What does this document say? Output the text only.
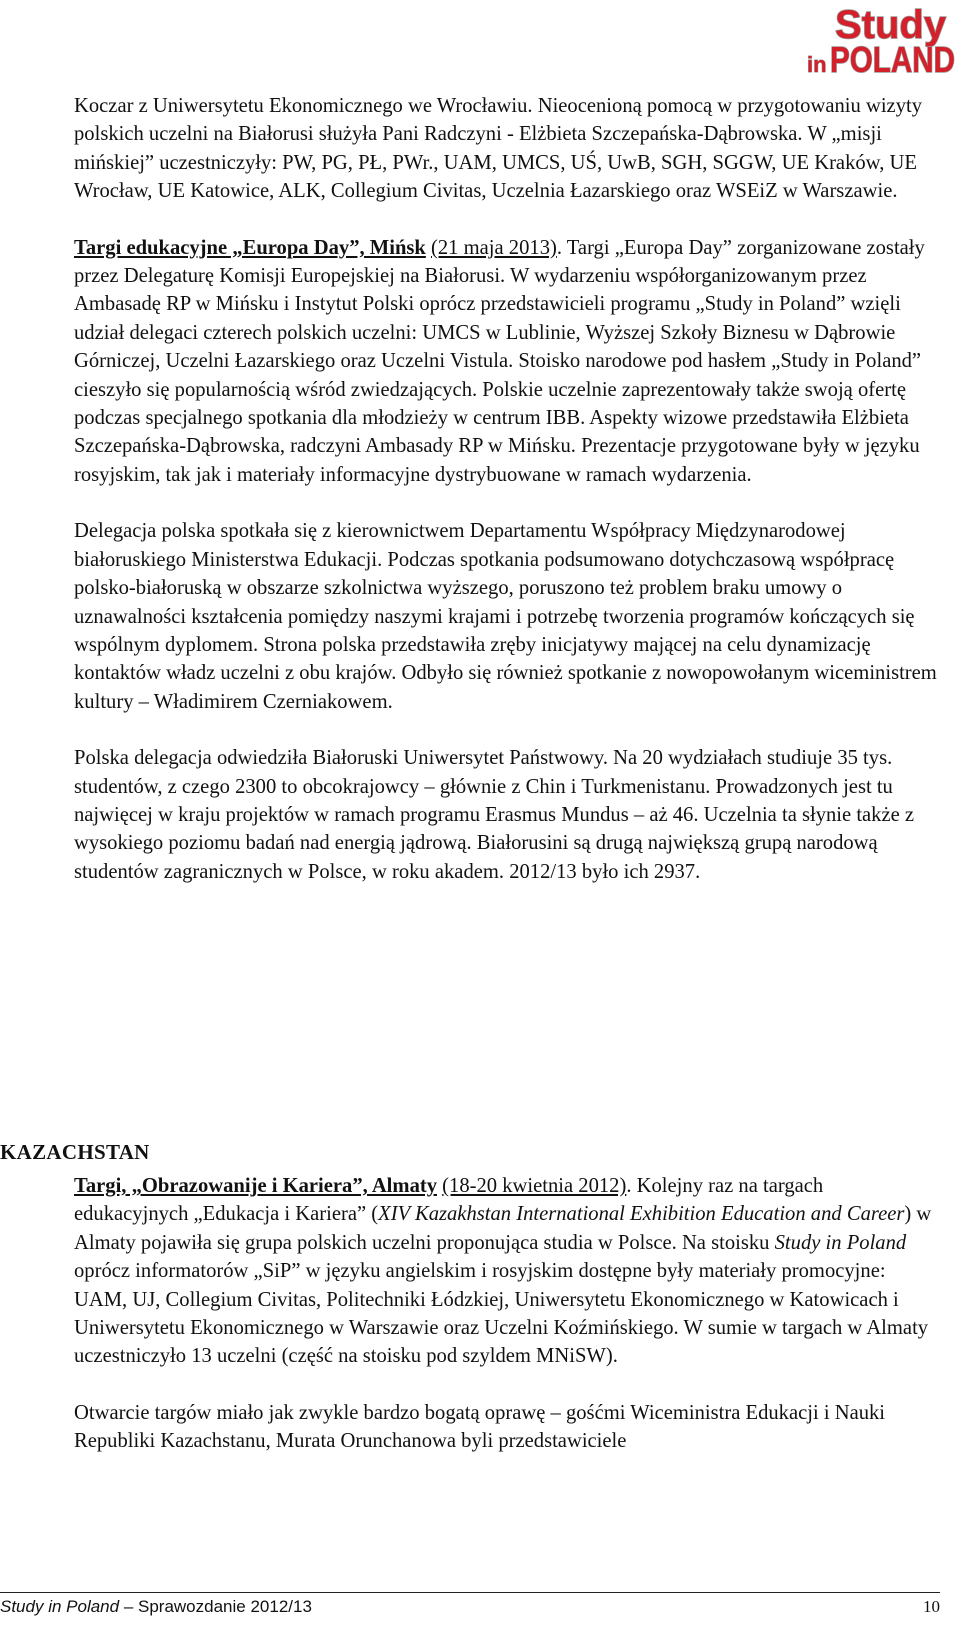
Study
in POLAND

Koczar z Uniwersytetu Ekonomicznego we Wrocławiu. Nieocenioną pomocą w przygotowaniu wizyty polskich uczelni na Białorusi służyła Pani Radczyni - Elżbieta Szczepańska-Dąbrowska. W „misji mińskiej” uczestniczyły: PW, PG, PŁ, PWr., UAM, UMCS, UŚ, UwB, SGH, SGGW, UE Kraków, UE Wrocław, UE Katowice, ALK, Collegium Civitas, Uczelnia Łazarskiego oraz WSEiZ w Warszawie.

Targi edukacyjne „Europa Day”, Mińsk (21 maja 2013). Targi „Europa Day” zorganizowane zostały przez Delegaturę Komisji Europejskiej na Białorusi. W wydarzeniu współorganizowanym przez Ambasadę RP w Mińsku i Instytut Polski oprócz przedstawicieli programu „Study in Poland” wzięli udział delegaci czterech polskich uczelni: UMCS w Lublinie, Wyższej Szkoły Biznesu w Dąbrowie Górniczej, Uczelni Łazarskiego oraz Uczelni Vistula. Stoisko narodowe pod hasłem „Study in Poland” cieszyło się popularnością wśród zwiedzających. Polskie uczelnie zaprezentowały także swoją ofertę podczas specjalnego spotkania dla młodzieży w centrum IBB. Aspekty wizowe przedstawiła Elżbieta Szczepańska-Dąbrowska, radczyni Ambasady RP w Mińsku. Prezentacje przygotowane były w języku rosyjskim, tak jak i materiały informacyjne dystrybuowane w ramach wydarzenia.

Delegacja polska spotkała się z kierownictwem Departamentu Współpracy Międzynarodowej białoruskiego Ministerstwa Edukacji. Podczas spotkania podsumowano dotychczasową współpracę polsko-białoruską w obszarze szkolnictwa wyższego, poruszono też problem braku umowy o uznawalności kształcenia pomiędzy naszymi krajami i potrzebę tworzenia programów kończących się wspólnym dyplomem. Strona polska przedstawiła zręby inicjatywy mającej na celu dynamizację kontaktów władz uczelni z obu krajów. Odbyło się również spotkanie z nowopowołanym wiceministrem kultury – Władimirem Czerniakowem.

Polska delegacja odwiedziła Białoruski Uniwersytet Państwowy. Na 20 wydziałach studiuje 35 tys. studentów, z czego 2300 to obcokrajowcy – głównie z Chin i Turkmenistanu. Prowadzonych jest tu najwięcej w kraju projektów w ramach programu Erasmus Mundus – aż 46. Uczelnia ta słynie także z wysokiego poziomu badań nad energią jądrową. Białorusini są drugą największą grupą narodową studentów zagranicznych w Polsce, w roku akadem. 2012/13 było ich 2937.

KAZACHSTAN

Targi, „Obrazowanije i Kariera”, Almaty (18-20 kwietnia 2012). Kolejny raz na targach edukacyjnych „Edukacja i Kariera” (XIV Kazakhstan International Exhibition Education and Career) w Almaty pojawiła się grupa polskich uczelni proponująca studia w Polsce. Na stoisku Study in Poland oprócz informatorów „SiP” w języku angielskim i rosyjskim dostępne były materiały promocyjne: UAM, UJ, Collegium Civitas, Politechniki Łódzkiej, Uniwersytetu Ekonomicznego w Katowicach i Uniwersytetu Ekonomicznego w Warszawie oraz Uczelni Koźmińskiego. W sumie w targach w Almaty uczestniczyło 13 uczelni (część na stoisku pod szyldem MNiSW).

Otwarcie targów miało jak zwykle bardzo bogatą oprawę – gośćmi Wiceministra Edukacji i Nauki Republiki Kazachstanu, Murata Orunchanowa byli przedstawiciele

Study in Poland – Sprawozdanie 2012/13	10
